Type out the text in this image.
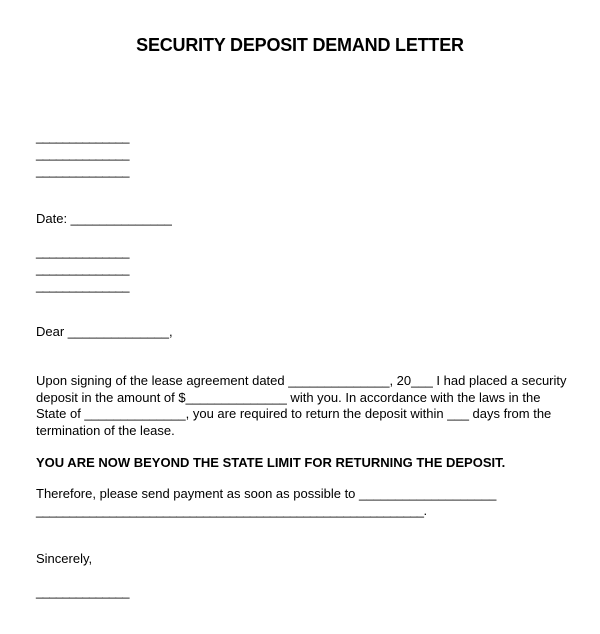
SECURITY DEPOSIT DEMAND LETTER
______________
______________
______________
Date: ______________
______________
______________
______________
Dear ______________,
Upon signing of the lease agreement dated ______________, 20___ I had placed a security
deposit in the amount of $______________ with you. In accordance with the laws in the
State of ______________, you are required to return the deposit within ___ days from the
termination of the lease.
YOU ARE NOW BEYOND THE STATE LIMIT FOR RETURNING THE DEPOSIT.
Therefore, please send payment as soon as possible to ___________________
__________________________________________________________.
Sincerely,
______________
